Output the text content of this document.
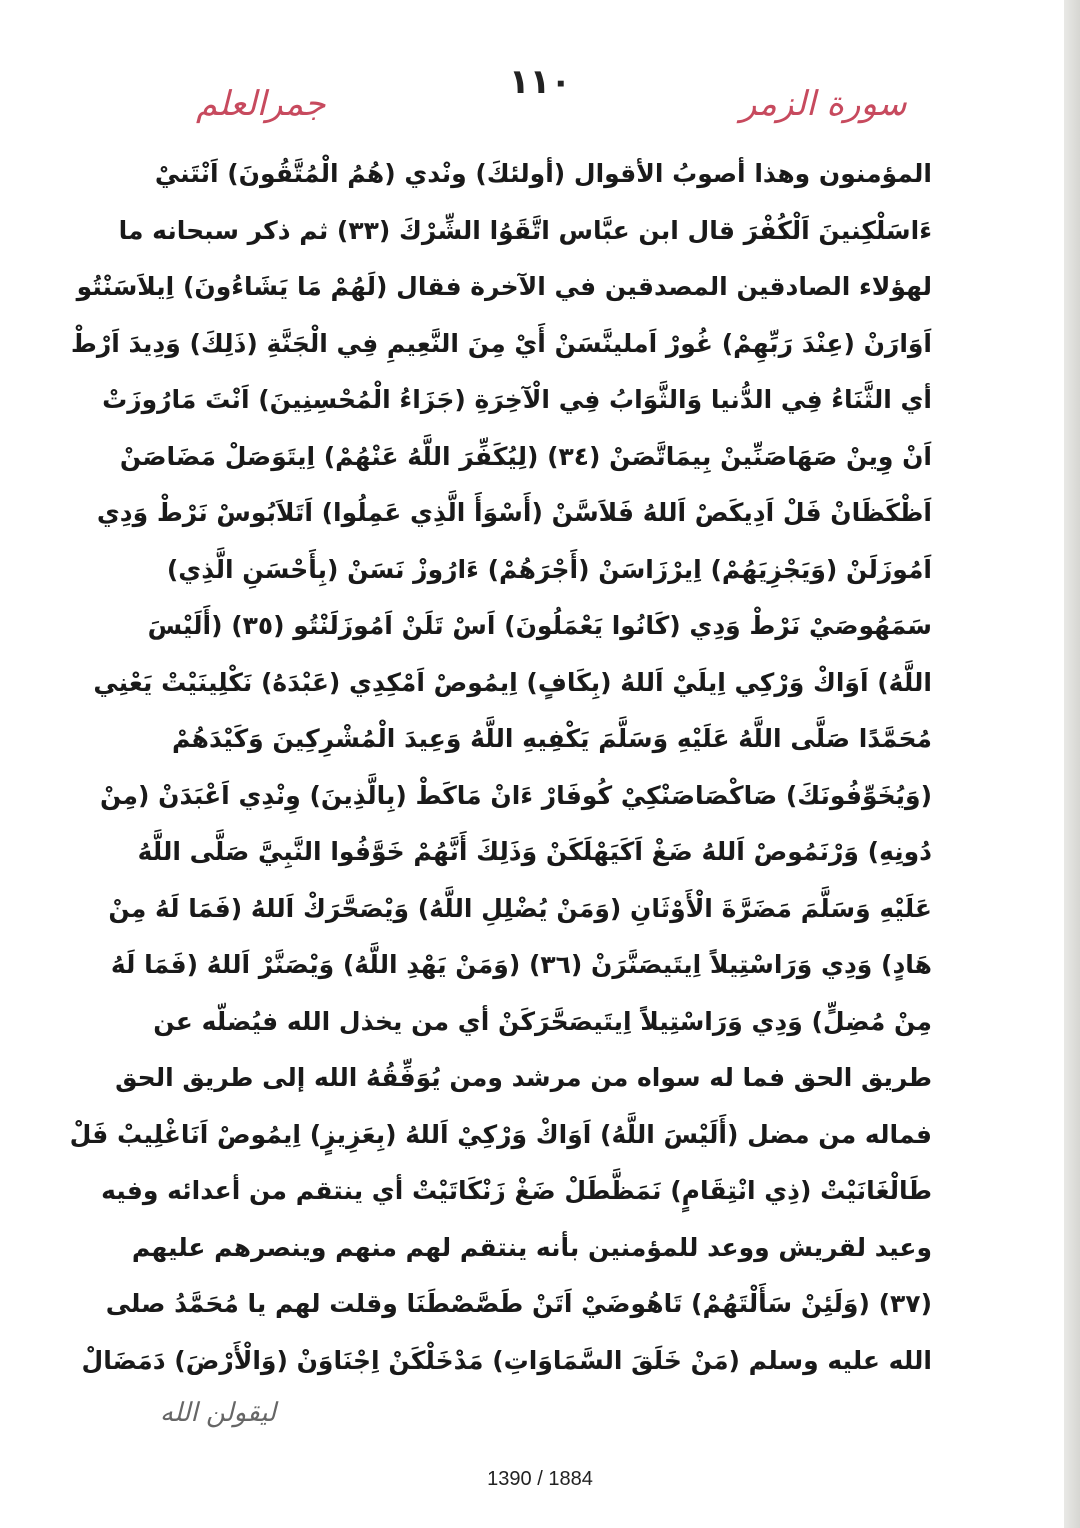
١١٠
جمرالعلم	سورة الزمر
المؤمنون وهذا أصوبُ الأقوال (أولئكَ) ونْدي (هُمُ الْمُتَّقُونَ) اَنْتَنيْ
ءَاسَلْكِنينَ اَلْكُفْرَ قال ابن عبَّاس اتَّقَوُا الشِّرْكَ (٣٣) ثم ذكر سبحانه ما
لهؤلاء الصادقين المصدقين في الآخرة فقال (لَهُمْ مَا يَشَاءُونَ) اِيلاَسَنْتُو
اَوَارَنْ (عِنْدَ رَبِّهِمْ) غُورْ اَملينَّسَنْ أَيْ مِنَ النَّعِيمِ فِي الْجَنَّةِ (ذَلِكَ) وَدِيدَ اَرْطْ
أي الثَّنَاءُ فِي الدُّنيا وَالثَّوَابُ فِي الْآخِرَةِ (جَزَاءُ الْمُحْسِنِينَ) اَنْتَ مَارُوزَتْ
اَنْ وِينْ صَهَاصَنِّينْ بِيمَاتَّصَنْ (٣٤) (لِيُكَفِّرَ اللَّهُ عَنْهُمْ) اِيتَوَصَلْ مَضَاصَنْ
اَظْكَظَانْ فَلْ اَدِيكَصْ اَللهُ فَلاَسَّنْ (أَسْوَأَ الَّذِي عَمِلُوا) اَتَلاَبُوسْ نَرْطْ وَدِي
اَمُوزَلَنْ (وَيَجْزِيَهُمْ) اِيرْزَاسَنْ (أَجْرَهُمْ) ءَارُوزْ نَسَنْ (بِأَحْسَنِ الَّذِي)
سَمَهُوصَيْ نَرْطْ وَدِي (كَانُوا يَعْمَلُونَ) اَسْ تَلَنْ اَمُوزَلَنْتُو (٣٥) (أَلَيْسَ
اللَّهُ) اَوَاكْ وَرْكِي اِيلَيْ اَللهُ (بِكَافٍ) اِيمُوصْ اَمْكِدِي (عَبْدَهُ) نَكْلِينَيْتْ يَعْنِي
مُحَمَّدًا صَلَّى اللَّهُ عَلَيْهِ وَسَلَّمَ يَكْفِيهِ اللَّهُ وَعِيدَ الْمُشْرِكِينَ وَكَيْدَهُمْ
(وَيُخَوِّفُونَكَ) صَاكْصَاصَنْكِيْ كُوفَارْ ءَانْ مَاكَطْ (بِالَّذِينَ) وِنْدِي اَعْبَدَنْ (مِنْ
دُونِهِ) وَرْنَمُوصْ اَللهُ ضَغْ اَكَيَهْلَكَنْ وَذَلِكَ أَنَّهُمْ خَوَّفُوا النَّبِيَّ صَلَّى اللَّهُ
عَلَيْهِ وَسَلَّمَ مَضَرَّةَ الْأَوْثَانِ (وَمَنْ يُضْلِلِ اللَّهُ) وَيْصَحَّرَكْ اَللهُ (فَمَا لَهُ مِنْ
هَادٍ) وَدِي وَرَاسْتِيلاً اِيتَيصَنَّرَنْ (٣٦) (وَمَنْ يَهْدِ اللَّهُ) وَيْصَنَّرْ اَللهُ (فَمَا لَهُ
مِنْ مُضِلٍّ) وَدِي وَرَاسْتِيلاً اِيتَيصَحَّرَكَنْ أي من يخذل الله فيُضلّه عن
طريق الحق فما له سواه من مرشد ومن يُوَفِّقُهُ الله إلى طريق الحق
فماله من مضل (أَلَيْسَ اللَّهُ) اَوَاكْ وَرْكِيْ اَللهُ (بِعَزِيزٍ) اِيمُوصْ اَنَاغْلِيبْ فَلْ
طَالْغَانَيْتْ (ذِي انْتِقَامٍ) نَمَظَّطَلْ ضَغْ زَنْكَاتَيْتْ أي ينتقم من أعدائه وفيه
وعيد لقريش ووعد للمؤمنين بأنه ينتقم لهم منهم وينصرهم عليهم
(٣٧) (وَلَئِنْ سَأَلْتَهُمْ) تَاهُوضَيْ اَتَنْ طَصَّصْطَنَا وقلت لهم يا مُحَمَّدُ صلى
الله عليه وسلم (مَنْ خَلَقَ السَّمَاوَاتِ) مَدْخَلْكَنْ اِجْنَاوَنْ (وَالْأَرْضَ) دَمَضَالْ
ليقولن الله
1390 / 1884
